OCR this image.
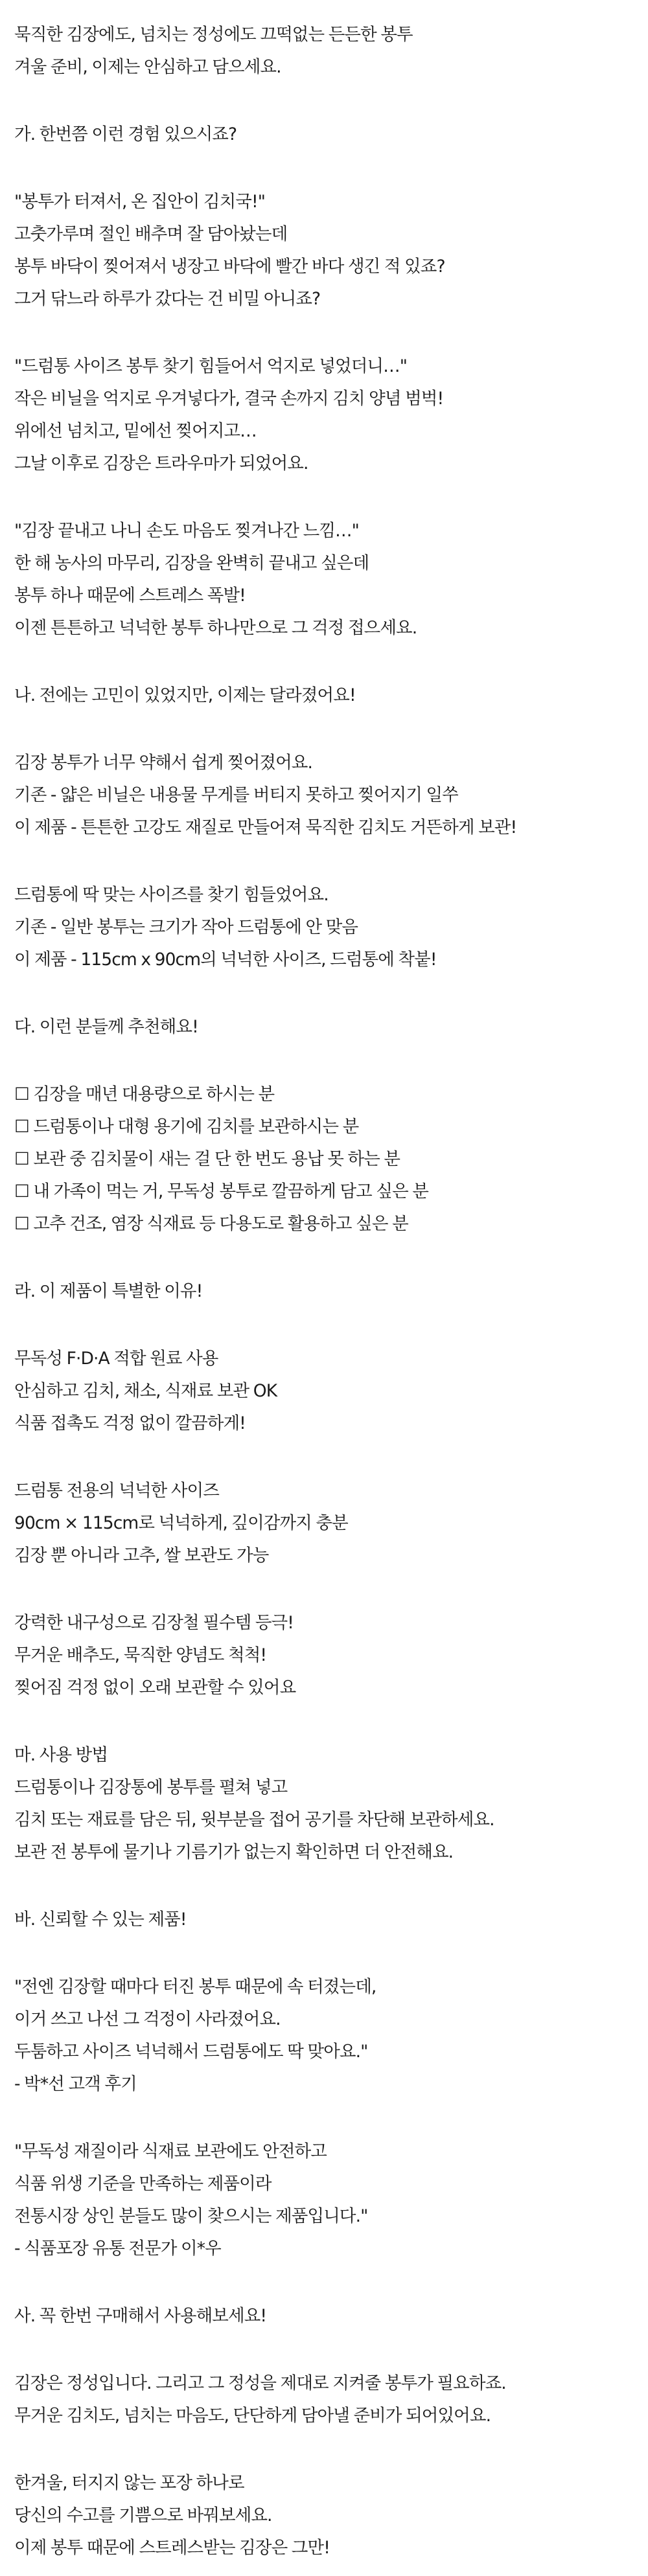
묵직한 김장에도, 넘치는 정성에도 끄떡없는 든든한 봉투
겨울 준비, 이제는 안심하고 담으세요.
가. 한번쯤 이런 경험 있으시죠?
"봉투가 터져서, 온 집안이 김치국!"
고춧가루며 절인 배추며 잘 담아놨는데
봉투 바닥이 찢어져서 냉장고 바닥에 빨간 바다 생긴 적 있죠?
그거 닦느라 하루가 갔다는 건 비밀 아니죠?
"드럼통 사이즈 봉투 찾기 힘들어서 억지로 넣었더니…"
작은 비닐을 억지로 우겨넣다가, 결국 손까지 김치 양념 범벅!
위에선 넘치고, 밑에선 찢어지고…
그날 이후로 김장은 트라우마가 되었어요.
"김장 끝내고 나니 손도 마음도 찢겨나간 느낌…"
한 해 농사의 마무리, 김장을 완벽히 끝내고 싶은데
봉투 하나 때문에 스트레스 폭발!
이젠 튼튼하고 넉넉한 봉투 하나만으로 그 걱정 접으세요.
나. 전에는 고민이 있었지만, 이제는 달라졌어요!
김장 봉투가 너무 약해서 쉽게 찢어졌어요.
기존 - 얇은 비닐은 내용물 무게를 버티지 못하고 찢어지기 일쑤
이 제품 - 튼튼한 고강도 재질로 만들어져 묵직한 김치도 거뜬하게 보관!
드럼통에 딱 맞는 사이즈를 찾기 힘들었어요.
기존 - 일반 봉투는 크기가 작아 드럼통에 안 맞음
이 제품 - 115cm x 90cm의 넉넉한 사이즈, 드럼통에 착붙!
다. 이런 분들께 추천해요!
☐ 김장을 매년 대용량으로 하시는 분
☐ 드럼통이나 대형 용기에 김치를 보관하시는 분
☐ 보관 중 김치물이 새는 걸 단 한 번도 용납 못 하는 분
☐ 내 가족이 먹는 거, 무독성 봉투로 깔끔하게 담고 싶은 분
☐ 고추 건조, 염장 식재료 등 다용도로 활용하고 싶은 분
라. 이 제품이 특별한 이유!
무독성 F·D·A 적합 원료 사용
안심하고 김치, 채소, 식재료 보관 OK
식품 접촉도 걱정 없이 깔끔하게!
드럼통 전용의 넉넉한 사이즈
90cm × 115cm로 넉넉하게, 깊이감까지 충분
김장 뿐 아니라 고추, 쌀 보관도 가능
강력한 내구성으로 김장철 필수템 등극!
무거운 배추도, 묵직한 양념도 척척!
찢어짐 걱정 없이 오래 보관할 수 있어요
마. 사용 방법
드럼통이나 김장통에 봉투를 펼쳐 넣고
김치 또는 재료를 담은 뒤, 윗부분을 접어 공기를 차단해 보관하세요.
보관 전 봉투에 물기나 기름기가 없는지 확인하면 더 안전해요.
바. 신뢰할 수 있는 제품!
"전엔 김장할 때마다 터진 봉투 때문에 속 터졌는데,
이거 쓰고 나선 그 걱정이 사라졌어요.
두툼하고 사이즈 넉넉해서 드럼통에도 딱 맞아요."
- 박*선 고객 후기
"무독성 재질이라 식재료 보관에도 안전하고
식품 위생 기준을 만족하는 제품이라
전통시장 상인 분들도 많이 찾으시는 제품입니다."
- 식품포장 유통 전문가 이*우
사. 꼭 한번 구매해서 사용해보세요!
김장은 정성입니다. 그리고 그 정성을 제대로 지켜줄 봉투가 필요하죠.
무거운 김치도, 넘치는 마음도, 단단하게 담아낼 준비가 되어있어요.
한겨울, 터지지 않는 포장 하나로
당신의 수고를 기쁨으로 바꿔보세요.
이제 봉투 때문에 스트레스받는 김장은 그만!
